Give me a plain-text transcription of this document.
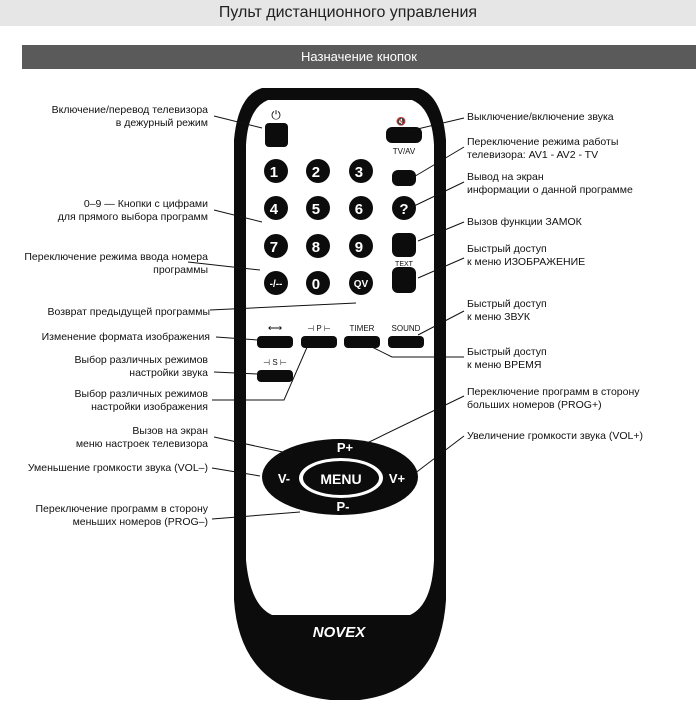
Пульт дистанционного управления
Назначение кнопок
⏻	🔇
TV/AV
1 2 3 4 5 6 7 8 9 0 ?
-/--	QV
TEXT
⟷	⊣ P ⊢ TIMER SOUND
⊣ S ⊢
P+
P-
V-	V+
MENU
NOVEX
Включение/перевод телевизора
в дежурный режим
0–9 — Кнопки с цифрами
для прямого выбора программ
Переключение режима ввода номера
программы
Возврат предыдущей программы
Изменение формата изображения
Выбор различных режимов
настройки звука
Выбор различных режимов
настройки изображения
Вызов на экран
меню настроек телевизора
Уменьшение громкости звука (VOL–)
Переключение программ в сторону
меньших номеров (PROG–)
Выключение/включение звука
Переключение режима работы
телевизора: AV1 - AV2 - TV
Вывод на экран
информации о данной программе
Вызов функции ЗАМОК
Быстрый доступ
к меню ИЗОБРАЖЕНИЕ
Быстрый доступ
к меню ЗВУК
Быстрый доступ
к меню ВРЕМЯ
Переключение программ в сторону
больших номеров (PROG+)
Увеличение громкости звука (VOL+)
